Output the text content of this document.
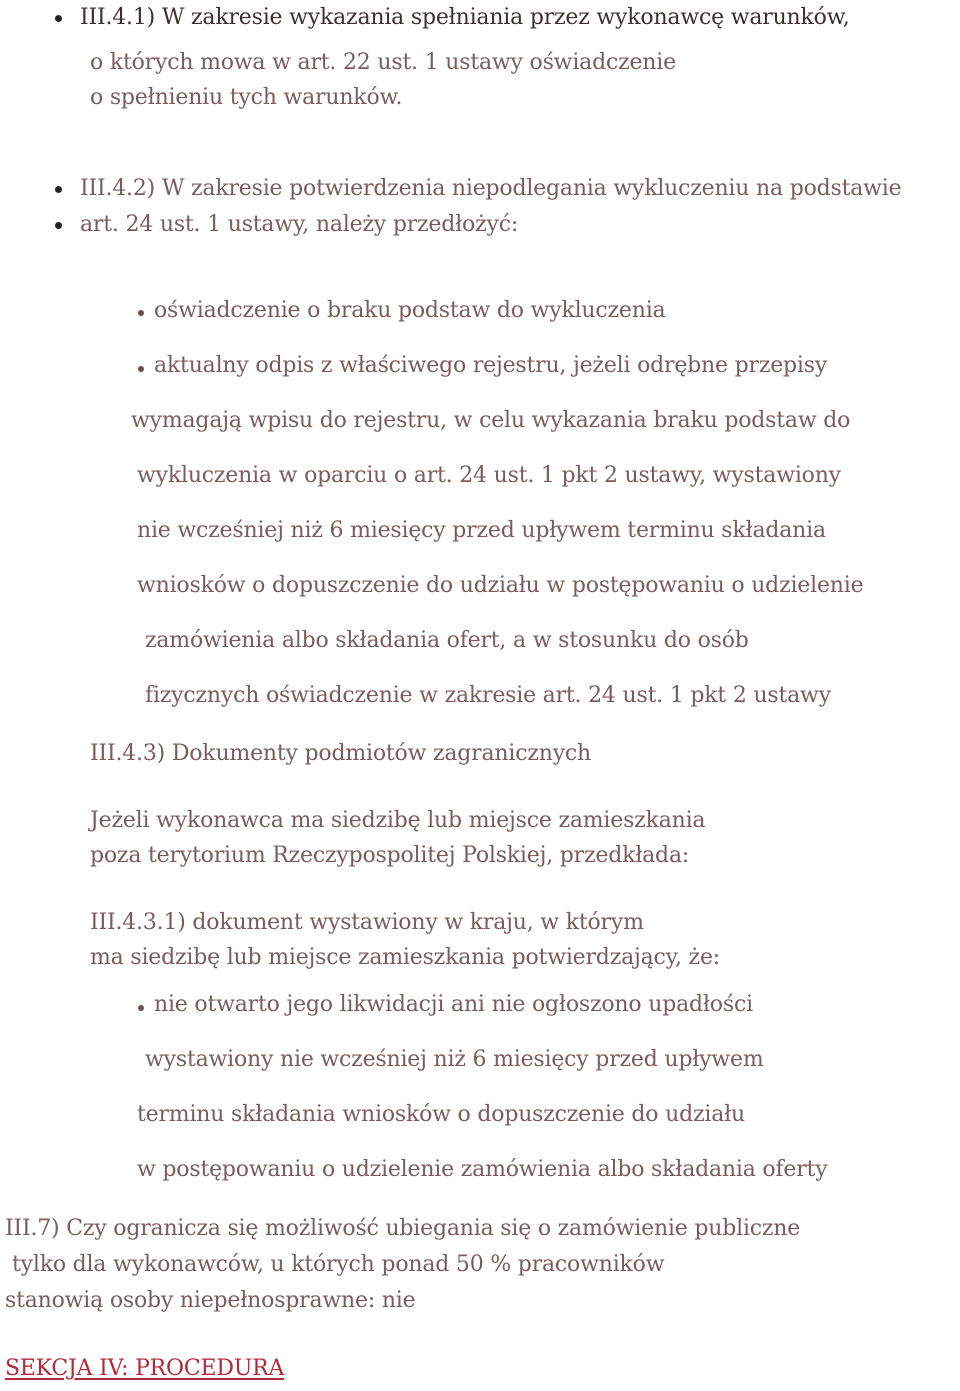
III.4.1) W zakresie wykazania spełniania przez wykonawcę warunków,
o których mowa w art. 22 ust. 1 ustawy oświadczenie
o spełnieniu tych warunków.
III.4.2) W zakresie potwierdzenia niepodlegania wykluczeniu na podstawie
art. 24 ust. 1 ustawy, należy przedłożyć:
oświadczenie o braku podstaw do wykluczenia
aktualny odpis z właściwego rejestru, jeżeli odrębne przepisy
wymagają wpisu do rejestru, w celu wykazania braku podstaw do
wykluczenia w oparciu o art. 24 ust. 1 pkt 2 ustawy, wystawiony
nie wcześniej niż 6 miesięcy przed upływem terminu składania
wniosków o dopuszczenie do udziału w postępowaniu o udzielenie
zamówienia albo składania ofert, a w stosunku do osób
fizycznych oświadczenie w zakresie art. 24 ust. 1 pkt 2 ustawy
III.4.3) Dokumenty podmiotów zagranicznych
Jeżeli wykonawca ma siedzibę lub miejsce zamieszkania
poza terytorium Rzeczypospolitej Polskiej, przedkłada:
III.4.3.1) dokument wystawiony w kraju, w którym
ma siedzibę lub miejsce zamieszkania potwierdzający, że:
nie otwarto jego likwidacji ani nie ogłoszono upadłości
wystawiony nie wcześniej niż 6 miesięcy przed upływem
terminu składania wniosków o dopuszczenie do udziału
w postępowaniu o udzielenie zamówienia albo składania oferty
III.7) Czy ogranicza się możliwość ubiegania się o zamówienie publiczne
tylko dla wykonawców, u których ponad 50 % pracowników
stanowią osoby niepełnosprawne: nie
SEKCJA IV: PROCEDURA
